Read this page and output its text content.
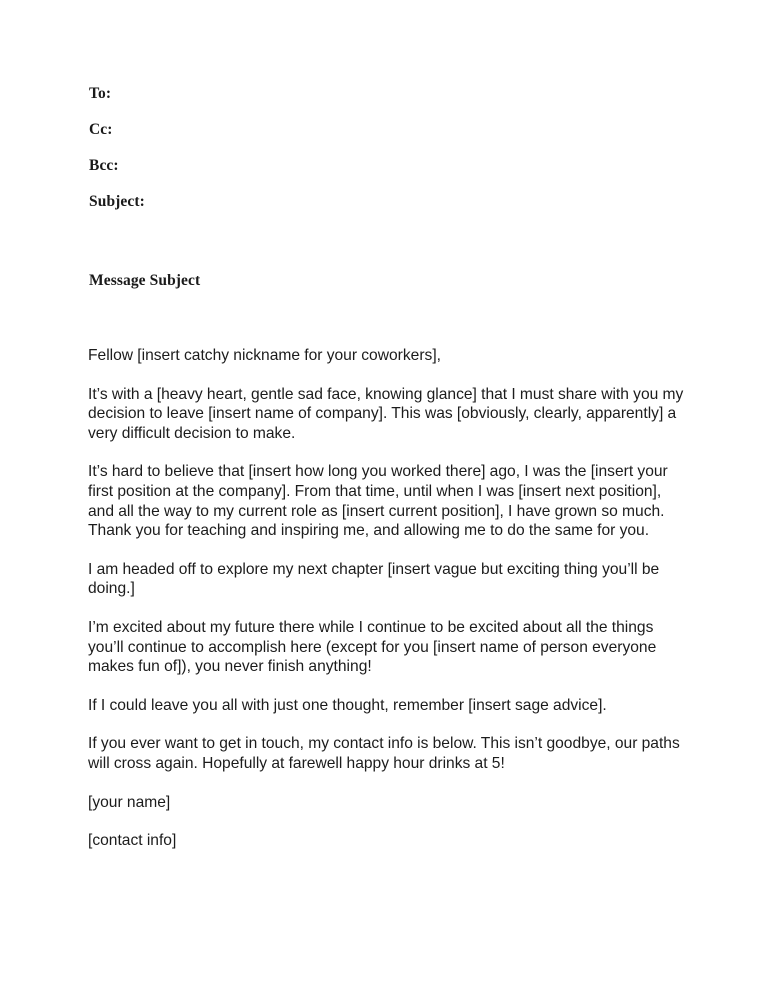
To:
Cc:
Bcc:
Subject:
Message Subject

Fellow [insert catchy nickname for your coworkers],

It’s with a [heavy heart, gentle sad face, knowing glance] that I must share with you my decision to leave [insert name of company]. This was [obviously, clearly, apparently] a very difficult decision to make.

It’s hard to believe that [insert how long you worked there] ago, I was the [insert your first position at the company]. From that time, until when I was [insert next position], and all the way to my current role as [insert current position], I have grown so much. Thank you for teaching and inspiring me, and allowing me to do the same for you.

I am headed off to explore my next chapter [insert vague but exciting thing you’ll be doing.]

I’m excited about my future there while I continue to be excited about all the things you’ll continue to accomplish here (except for you [insert name of person everyone makes fun of]), you never finish anything!

If I could leave you all with just one thought, remember [insert sage advice].

If you ever want to get in touch, my contact info is below. This isn’t goodbye, our paths will cross again. Hopefully at farewell happy hour drinks at 5!

[your name]

[contact info]
